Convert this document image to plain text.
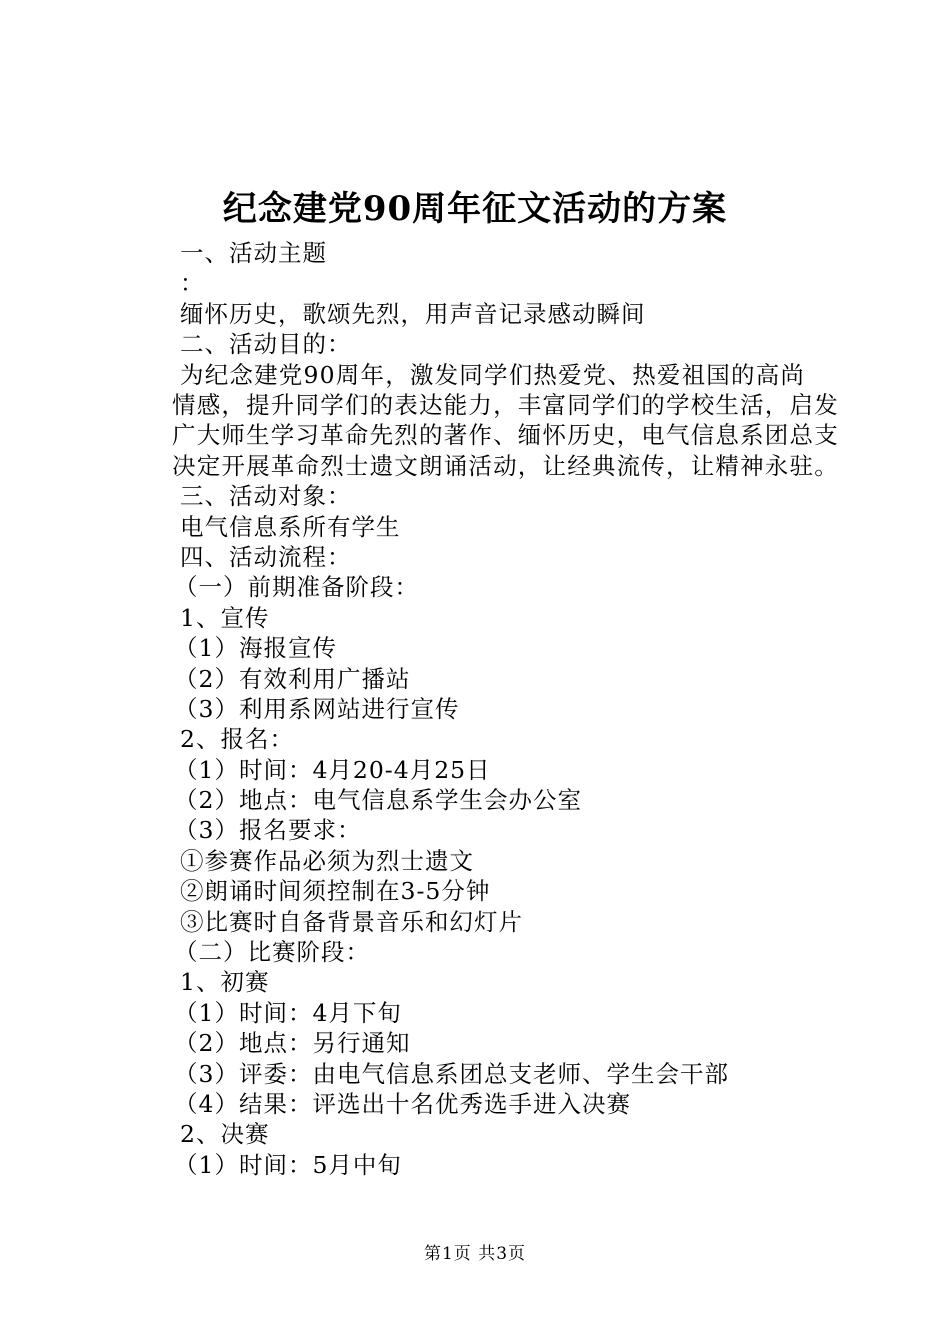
纪念建党90周年征文活动的方案

一、活动主题

：

缅怀历史，歌颂先烈，用声音记录感动瞬间

二、活动目的：

为纪念建党90周年，激发同学们热爱党、热爱祖国的高尚
情感，提升同学们的表达能力，丰富同学们的学校生活，启发
广大师生学习革命先烈的著作、缅怀历史，电气信息系团总支
决定开展革命烈士遗文朗诵活动，让经典流传，让精神永驻。

三、活动对象：

电气信息系所有学生

四、活动流程：

（一）前期准备阶段：

1、宣传

（1）海报宣传

（2）有效利用广播站

（3）利用系网站进行宣传

2、报名：

（1）时间：4月20-4月25日

（2）地点：电气信息系学生会办公室

（3）报名要求：

①参赛作品必须为烈士遗文

②朗诵时间须控制在3-5分钟

③比赛时自备背景音乐和幻灯片

（二）比赛阶段：

1、初赛

（1）时间：4月下旬

（2）地点：另行通知

（3）评委：由电气信息系团总支老师、学生会干部

（4）结果：评选出十名优秀选手进入决赛

2、决赛

（1）时间：5月中旬

第1页 共3页
